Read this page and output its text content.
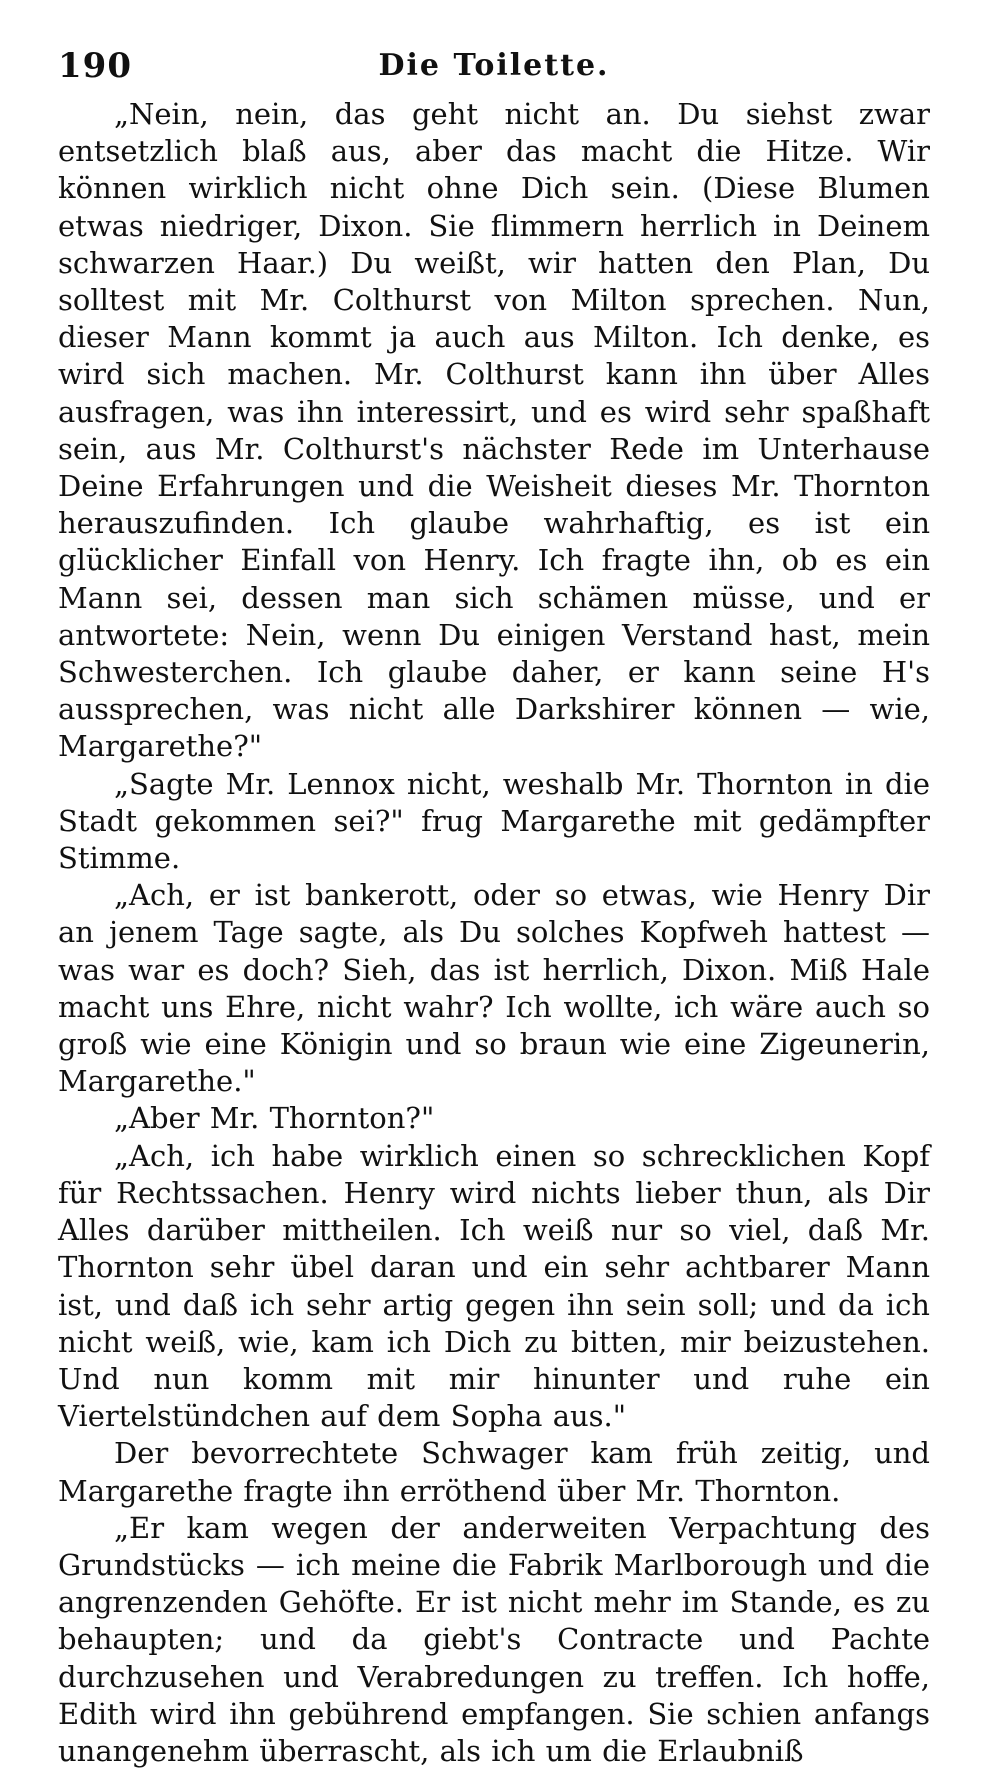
190	Die Toilette.

„Nein, nein, das geht nicht an. Du siehst zwar entsetzlich blaß aus, aber das macht die Hitze. Wir können wirklich nicht ohne Dich sein. (Diese Blumen etwas niedriger, Dixon. Sie flimmern herrlich in Deinem schwarzen Haar.) Du weißt, wir hatten den Plan, Du solltest mit Mr. Colthurst von Milton sprechen. Nun, dieser Mann kommt ja auch aus Milton. Ich denke, es wird sich machen. Mr. Colthurst kann ihn über Alles ausfragen, was ihn interessirt, und es wird sehr spaßhaft sein, aus Mr. Colthurst's nächster Rede im Unterhause Deine Erfahrungen und die Weisheit dieses Mr. Thornton herauszufinden. Ich glaube wahrhaftig, es ist ein glücklicher Einfall von Henry. Ich fragte ihn, ob es ein Mann sei, dessen man sich schämen müsse, und er antwortete: Nein, wenn Du einigen Verstand hast, mein Schwesterchen. Ich glaube daher, er kann seine H's aussprechen, was nicht alle Darkshirer können — wie, Margarethe?"

„Sagte Mr. Lennox nicht, weshalb Mr. Thornton in die Stadt gekommen sei?" frug Margarethe mit gedämpfter Stimme.

„Ach, er ist bankerott, oder so etwas, wie Henry Dir an jenem Tage sagte, als Du solches Kopfweh hattest — was war es doch? Sieh, das ist herrlich, Dixon. Miß Hale macht uns Ehre, nicht wahr? Ich wollte, ich wäre auch so groß wie eine Königin und so braun wie eine Zigeunerin, Margarethe."

„Aber Mr. Thornton?"

„Ach, ich habe wirklich einen so schrecklichen Kopf für Rechtssachen. Henry wird nichts lieber thun, als Dir Alles darüber mittheilen. Ich weiß nur so viel, daß Mr. Thornton sehr übel daran und ein sehr achtbarer Mann ist, und daß ich sehr artig gegen ihn sein soll; und da ich nicht weiß, wie, kam ich Dich zu bitten, mir beizustehen. Und nun komm mit mir hinunter und ruhe ein Viertelstündchen auf dem Sopha aus."

Der bevorrechtete Schwager kam früh zeitig, und Margarethe fragte ihn erröthend über Mr. Thornton.

„Er kam wegen der anderweiten Verpachtung des Grundstücks — ich meine die Fabrik Marlborough und die angrenzenden Gehöfte. Er ist nicht mehr im Stande, es zu behaupten; und da giebt's Contracte und Pachte durchzusehen und Verabredungen zu treffen. Ich hoffe, Edith wird ihn gebührend empfangen. Sie schien anfangs unangenehm überrascht, als ich um die Erlaubniß
